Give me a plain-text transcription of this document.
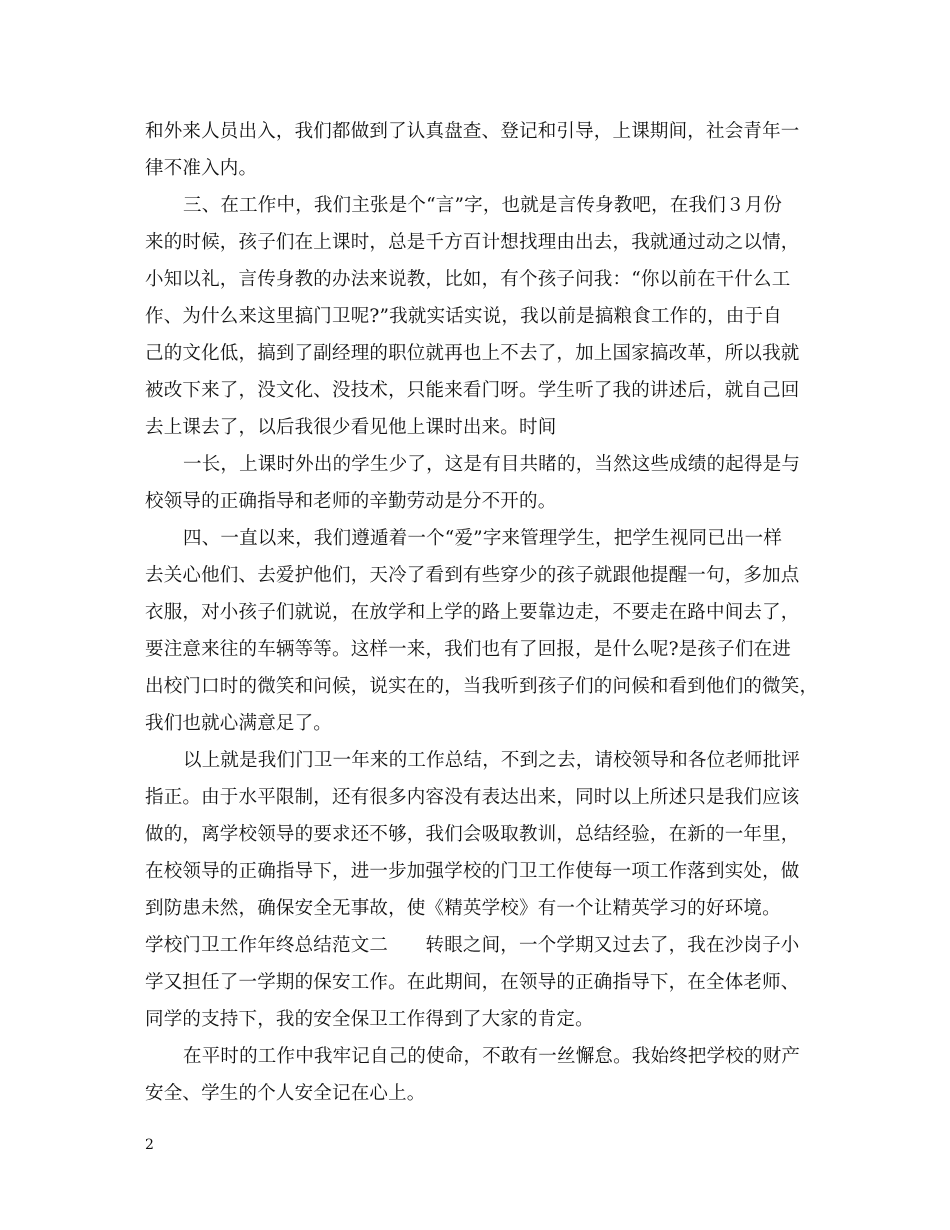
和外来人员出入，我们都做到了认真盘查、登记和引导，上课期间，社会青年一
律不准入内。
三、在工作中，我们主张是个“言”字，也就是言传身教吧，在我们３月份
来的时候，孩子们在上课时，总是千方百计想找理由出去，我就通过动之以情，
小知以礼，言传身教的办法来说教，比如，有个孩子问我：“你以前在干什么工
作、为什么来这里搞门卫呢?”我就实话实说，我以前是搞粮食工作的，由于自
己的文化低，搞到了副经理的职位就再也上不去了，加上国家搞改革，所以我就
被改下来了，没文化、没技术，只能来看门呀。学生听了我的讲述后，就自己回
去上课去了，以后我很少看见他上课时出来。时间
一长，上课时外出的学生少了，这是有目共睹的，当然这些成绩的起得是与
校领导的正确指导和老师的辛勤劳动是分不开的。
四、一直以来，我们遵遁着一个“爱”字来管理学生，把学生视同已出一样
去关心他们、去爱护他们，天冷了看到有些穿少的孩子就跟他提醒一句，多加点
衣服，对小孩子们就说，在放学和上学的路上要靠边走，不要走在路中间去了，
要注意来往的车辆等等。这样一来，我们也有了回报，是什么呢?是孩子们在进
出校门口时的微笑和问候，说实在的，当我听到孩子们的问候和看到他们的微笑，
我们也就心满意足了。
以上就是我们门卫一年来的工作总结，不到之去，请校领导和各位老师批评
指正。由于水平限制，还有很多内容没有表达出来，同时以上所述只是我们应该
做的，离学校领导的要求还不够，我们会吸取教训，总结经验，在新的一年里，
在校领导的正确指导下，进一步加强学校的门卫工作使每一项工作落到实处，做
到防患未然，确保安全无事故，使《精英学校》有一个让精英学习的好环境。
学校门卫工作年终总结范文二　　转眼之间，一个学期又过去了，我在沙岗子小
学又担任了一学期的保安工作。在此期间，在领导的正确指导下，在全体老师、
同学的支持下，我的安全保卫工作得到了大家的肯定。
在平时的工作中我牢记自己的使命，不敢有一丝懈怠。我始终把学校的财产
安全、学生的个人安全记在心上。
2
